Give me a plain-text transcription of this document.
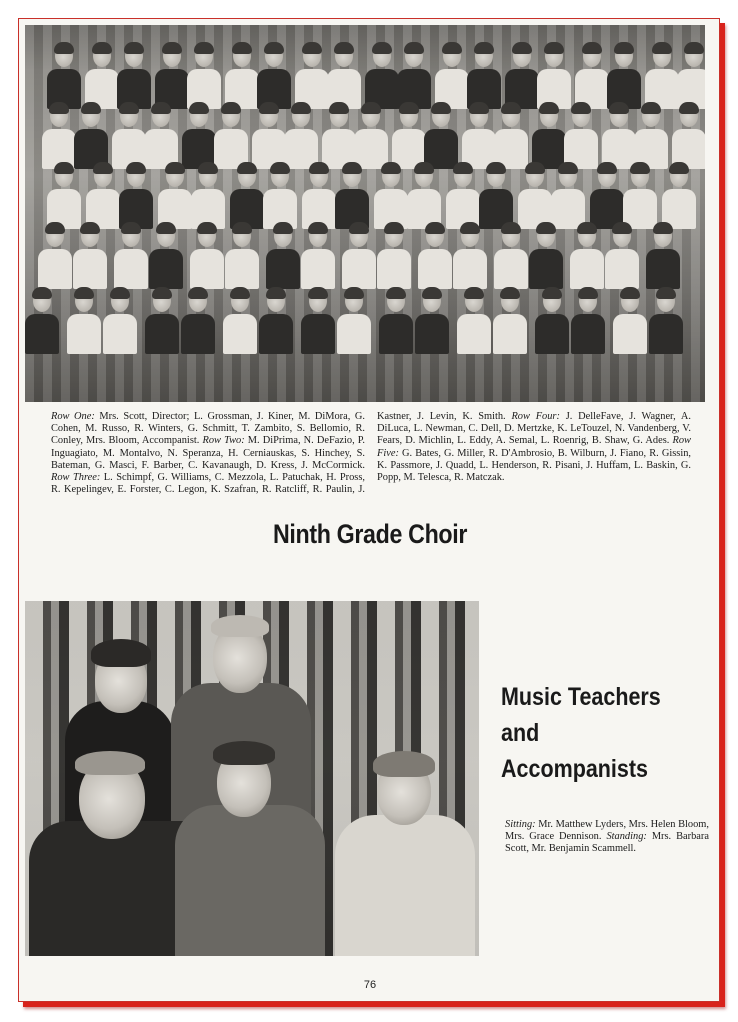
Row One: Mrs. Scott, Director; L. Grossman, J. Kiner, M. DiMora, G. Cohen, M. Russo, R. Winters, G. Schmitt, T. Zambito, S. Bellomio, R. Conley, Mrs. Bloom, Accompanist. Row Two: M. DiPrima, N. DeFazio, P. Inguagiato, M. Montalvo, N. Speranza, H. Cerniauskas, S. Hinchey, S. Bateman, G. Masci, F. Barber, C. Kavanaugh, D. Kress, J. McCormick. Row Three: L. Schimpf, G. Williams, C. Mezzola, L. Patuchak, H. Pross, R. Kepelingev, E. Forster, C. Legon, K. Szafran, R. Ratcliff, R. Paulin, J. Kastner, J. Levin, K. Smith. Row Four: J. DelleFave, J. Wagner, A. DiLuca, L. Newman, C. Dell, D. Mertzke, K. LeTouzel, N. Vandenberg, V. Fears, D. Michlin, L. Eddy, A. Semal, L. Roenrig, B. Shaw, G. Ades. Row Five: G. Bates, G. Miller, R. D'Ambrosio, B. Wilburn, J. Fiano, R. Gissin, K. Passmore, J. Quadd, L. Henderson, R. Pisani, J. Huffam, L. Baskin, G. Popp, M. Telesca, R. Matczak.
Ninth Grade Choir
Music Teachers
and
Accompanists
Sitting: Mr. Matthew Lyders, Mrs. Helen Bloom, Mrs. Grace Dennison. Standing: Mrs. Barbara Scott, Mr. Benjamin Scammell.
76
